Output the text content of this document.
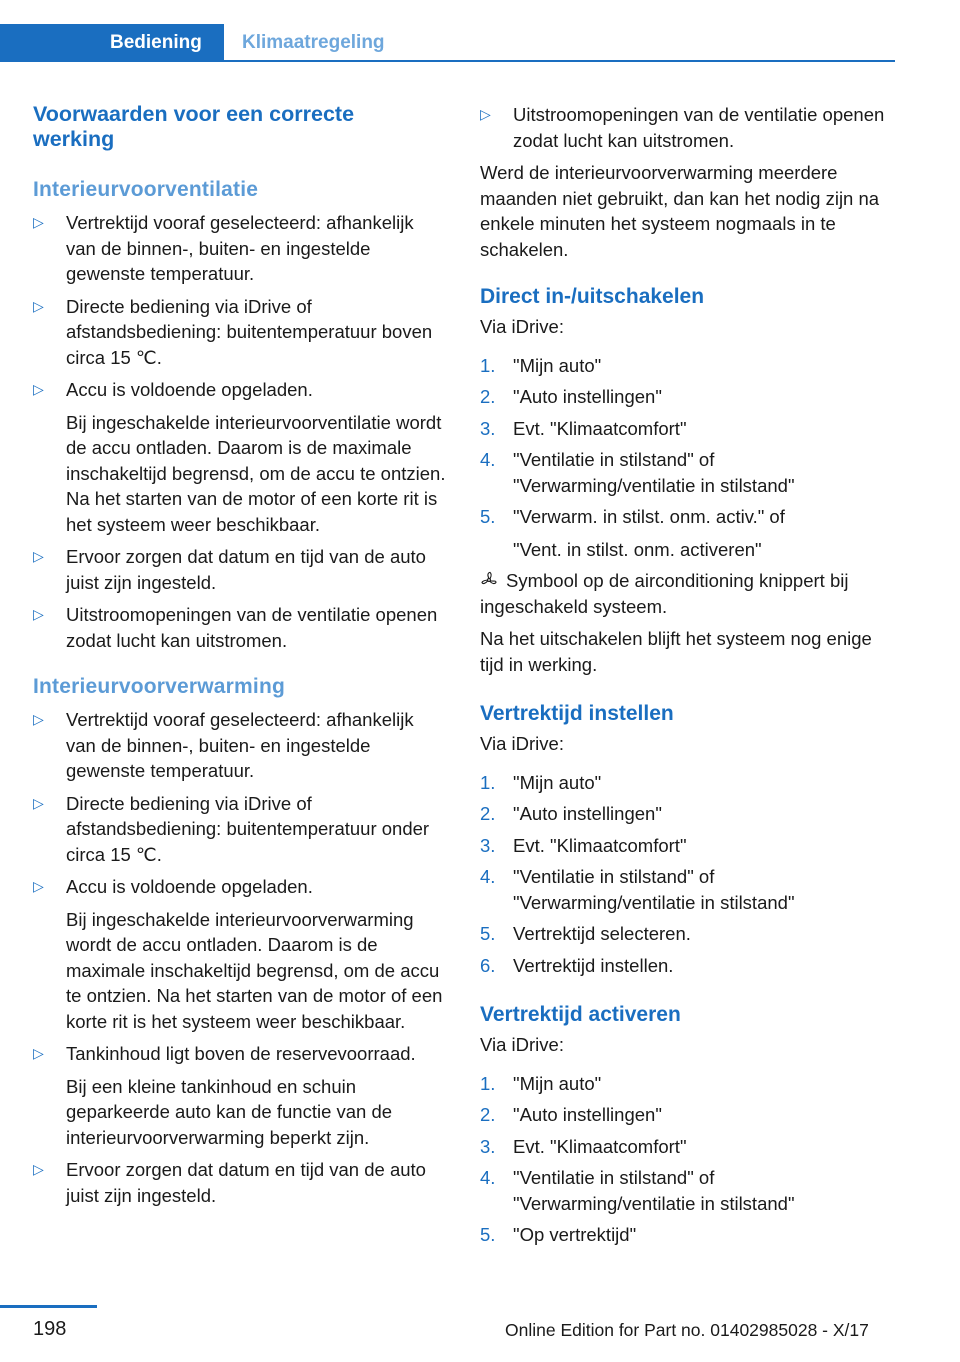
Bediening	Klimaatregeling
Voorwaarden voor een correcte werking
Interieurvoorventilatie
▷ Vertrektijd vooraf geselecteerd: afhankelijk van de binnen-, buiten- en ingestelde gewenste temperatuur.
▷ Directe bediening via iDrive of afstandsbediening: buitentemperatuur boven circa 15 ℃.
▷ Accu is voldoende opgeladen.
Bij ingeschakelde interieurvoorventilatie wordt de accu ontladen. Daarom is de maximale inschakeltijd begrensd, om de accu te ontzien. Na het starten van de motor of een korte rit is het systeem weer beschikbaar.
▷ Ervoor zorgen dat datum en tijd van de auto juist zijn ingesteld.
▷ Uitstroomopeningen van de ventilatie openen zodat lucht kan uitstromen.
Interieurvoorverwarming
▷ Vertrektijd vooraf geselecteerd: afhankelijk van de binnen-, buiten- en ingestelde gewenste temperatuur.
▷ Directe bediening via iDrive of afstandsbediening: buitentemperatuur onder circa 15 ℃.
▷ Accu is voldoende opgeladen.
Bij ingeschakelde interieurvoorverwarming wordt de accu ontladen. Daarom is de maximale inschakeltijd begrensd, om de accu te ontzien. Na het starten van de motor of een korte rit is het systeem weer beschikbaar.
▷ Tankinhoud ligt boven de reservevoorraad.
Bij een kleine tankinhoud en schuin geparkeerde auto kan de functie van de interieurvoorverwarming beperkt zijn.
▷ Ervoor zorgen dat datum en tijd van de auto juist zijn ingesteld.
▷ Uitstroomopeningen van de ventilatie openen zodat lucht kan uitstromen.

Werd de interieurvoorverwarming meerdere maanden niet gebruikt, dan kan het nodig zijn na enkele minuten het systeem nogmaals in te schakelen.

Direct in-/uitschakelen

Via iDrive:

1. "Mijn auto"
2. "Auto instellingen"
3. Evt. "Klimaatcomfort"
4. "Ventilatie in stilstand" of "Verwarming/ventilatie in stilstand"
5. "Verwarm. in stilst. onm. activ." of
"Vent. in stilst. onm. activeren"

Symbool op de airconditioning knippert bij ingeschakeld systeem.

Na het uitschakelen blijft het systeem nog enige tijd in werking.

Vertrektijd instellen

Via iDrive:

1. "Mijn auto"
2. "Auto instellingen"
3. Evt. "Klimaatcomfort"
4. "Ventilatie in stilstand" of "Verwarming/ventilatie in stilstand"
5. Vertrektijd selecteren.
6. Vertrektijd instellen.
Vertrektijd activeren

Via iDrive:

1. "Mijn auto"
2. "Auto instellingen"
3. Evt. "Klimaatcomfort"
4. "Ventilatie in stilstand" of "Verwarming/ventilatie in stilstand"
5. "Op vertrektijd"
198	Online Edition for Part no. 01402985028 - X/17
